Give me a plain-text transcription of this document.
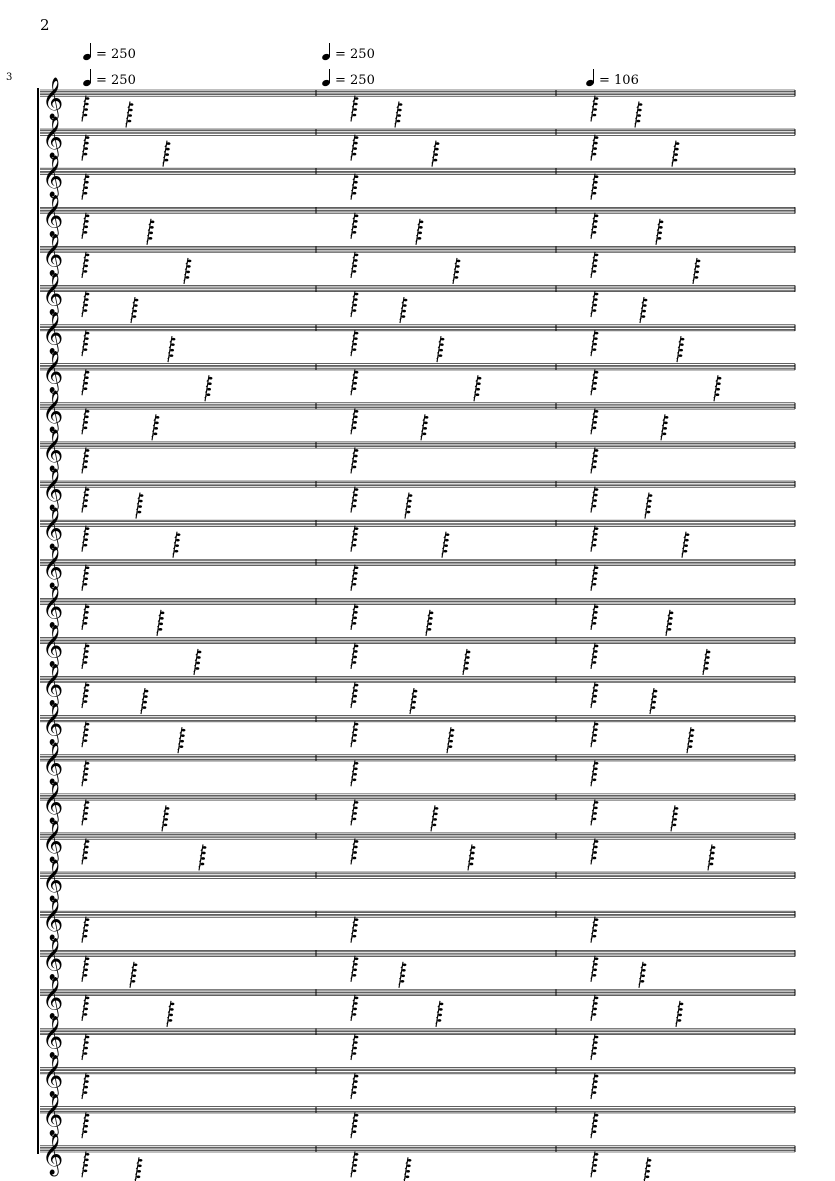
2
3
= 250	= 250
= 250	= 250	= 106
𝄞
𝄞
𝄞
𝄞
𝄞
𝄞
𝄞
𝄞
𝄞
𝄞
𝄞
𝄞
𝄞
𝄞
𝄞
𝄞
𝄞
𝄞
𝄞
𝄞
𝄞
𝄞
𝄞
𝄞
𝄞
𝄞
𝄞
𝄞
